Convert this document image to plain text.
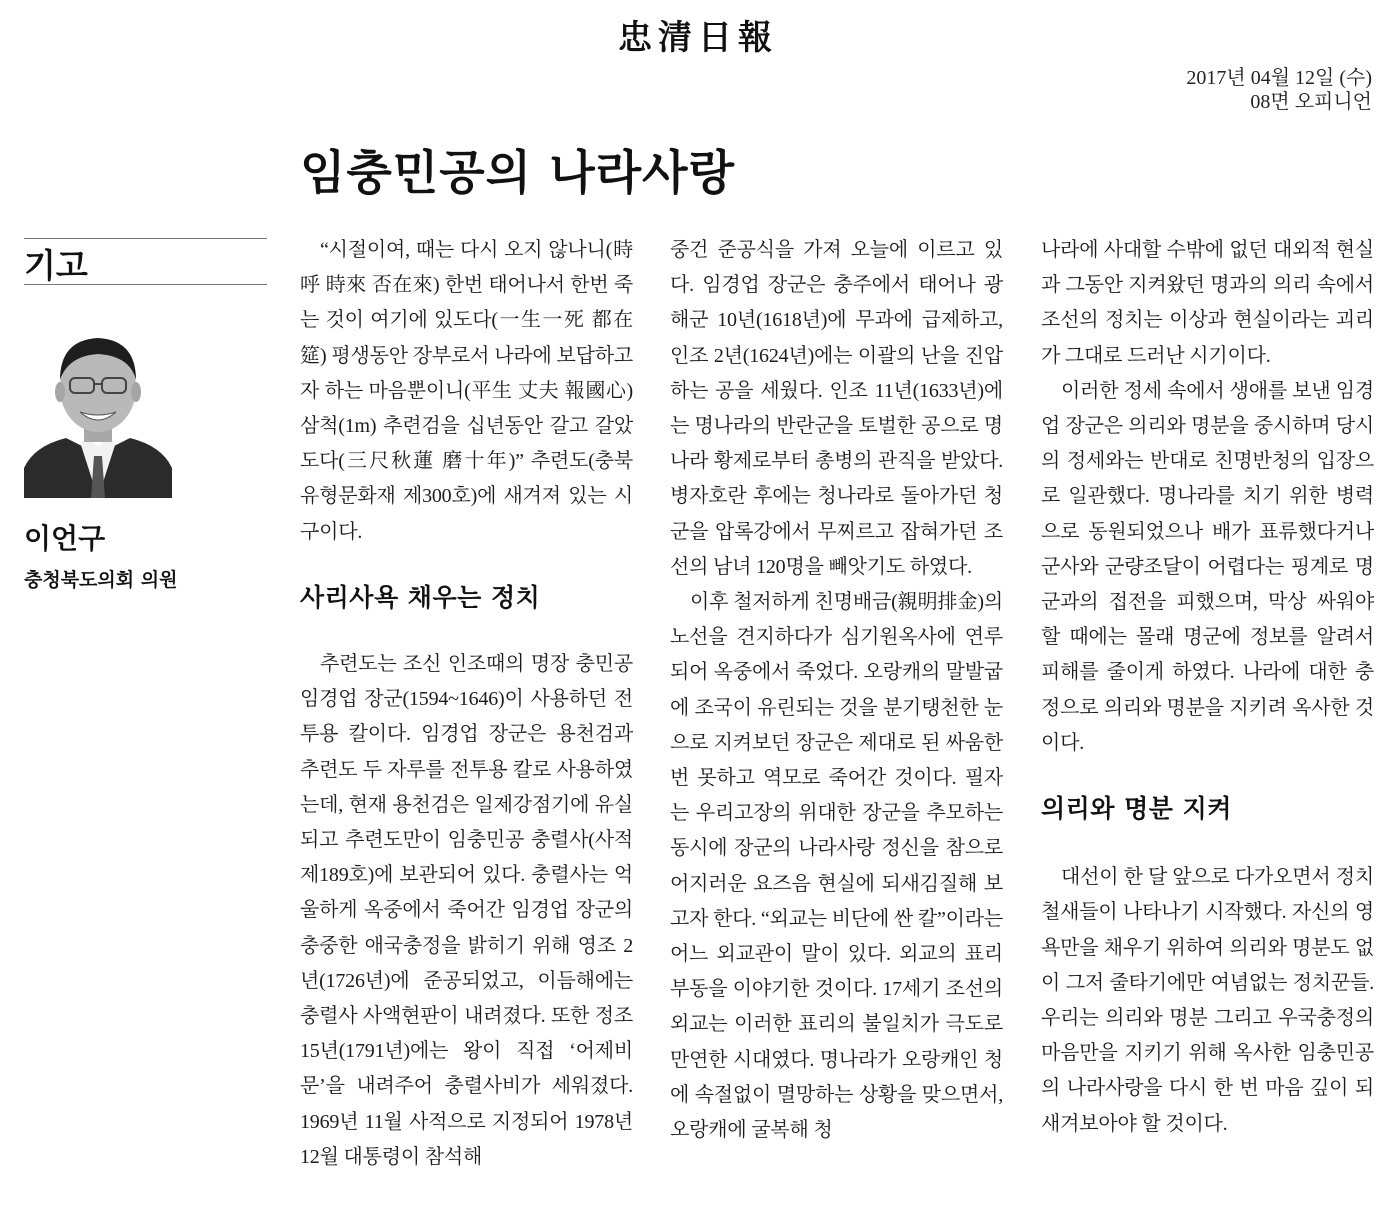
忠清日報
2017년 04월 12일 (수)
08면 오피니언
임충민공의 나라사랑
기고
이언구
충청북도의회 의원

“시절이여, 때는 다시 오지 않나니(時呼 時來 否在來) 한번 태어나서 한번 죽는 것이 여기에 있도다(一生一死 都在筵) 평생동안 장부로서 나라에 보답하고자 하는 마음뿐이니(平生 丈夫 報國心) 삼척(1m) 추련검을 십년동안 갈고 갈았도다(三尺秋蓮 磨十年)” 추련도(충북 유형문화재 제300호)에 새겨져 있는 시구이다.

사리사욕 채우는 정치

추련도는 조신 인조때의 명장 충민공 임경업 장군(1594~1646)이 사용하던 전투용 칼이다. 임경업 장군은 용천검과 추련도 두 자루를 전투용 칼로 사용하였는데, 현재 용천검은 일제강점기에 유실되고 추련도만이 임충민공 충렬사(사적 제189호)에 보관되어 있다. 충렬사는 억울하게 옥중에서 죽어간 임경업 장군의 충중한 애국충정을 밝히기 위해 영조 2년(1726년)에 준공되었고, 이듬해에는 충렬사 사액현판이 내려졌다. 또한 정조 15년(1791년)에는 왕이 직접 ‘어제비문’을 내려주어 충렬사비가 세워졌다. 1969년 11월 사적으로 지정되어 1978년 12월 대통령이 참석해

중건 준공식을 가져 오늘에 이르고 있다. 임경업 장군은 충주에서 태어나 광해군 10년(1618년)에 무과에 급제하고, 인조 2년(1624년)에는 이괄의 난을 진압하는 공을 세웠다. 인조 11년(1633년)에는 명나라의 반란군을 토벌한 공으로 명나라 황제로부터 총병의 관직을 받았다. 병자호란 후에는 청나라로 돌아가던 청군을 압록강에서 무찌르고 잡혀가던 조선의 남녀 120명을 빼앗기도 하였다.

이후 철저하게 친명배금(親明排金)의 노선을 견지하다가 심기원옥사에 연루되어 옥중에서 죽었다. 오랑캐의 말발굽에 조국이 유린되는 것을 분기탱천한 눈으로 지켜보던 장군은 제대로 된 싸움한번 못하고 역모로 죽어간 것이다. 필자는 우리고장의 위대한 장군을 추모하는 동시에 장군의 나라사랑 정신을 참으로 어지러운 요즈음 현실에 되새김질해 보고자 한다. “외교는 비단에 싼 칼”이라는 어느 외교관이 말이 있다. 외교의 표리부동을 이야기한 것이다. 17세기 조선의 외교는 이러한 표리의 불일치가 극도로 만연한 시대였다. 명나라가 오랑캐인 청에 속절없이 멸망하는 상황을 맞으면서, 오랑캐에 굴복해 청

나라에 사대할 수밖에 없던 대외적 현실과 그동안 지켜왔던 명과의 의리 속에서 조선의 정치는 이상과 현실이라는 괴리가 그대로 드러난 시기이다.

이러한 정세 속에서 생애를 보낸 임경업 장군은 의리와 명분을 중시하며 당시의 정세와는 반대로 친명반청의 입장으로 일관했다. 명나라를 치기 위한 병력으로 동원되었으나 배가 표류했다거나 군사와 군량조달이 어렵다는 핑계로 명군과의 접전을 피했으며, 막상 싸워야 할 때에는 몰래 명군에 정보를 알려서 피해를 줄이게 하였다. 나라에 대한 충정으로 의리와 명분을 지키려 옥사한 것이다.

의리와 명분 지켜

대선이 한 달 앞으로 다가오면서 정치철새들이 나타나기 시작했다. 자신의 영욕만을 채우기 위하여 의리와 명분도 없이 그저 줄타기에만 여념없는 정치꾼들. 우리는 의리와 명분 그리고 우국충정의 마음만을 지키기 위해 옥사한 임충민공의 나라사랑을 다시 한 번 마음 깊이 되새겨보아야 할 것이다.
